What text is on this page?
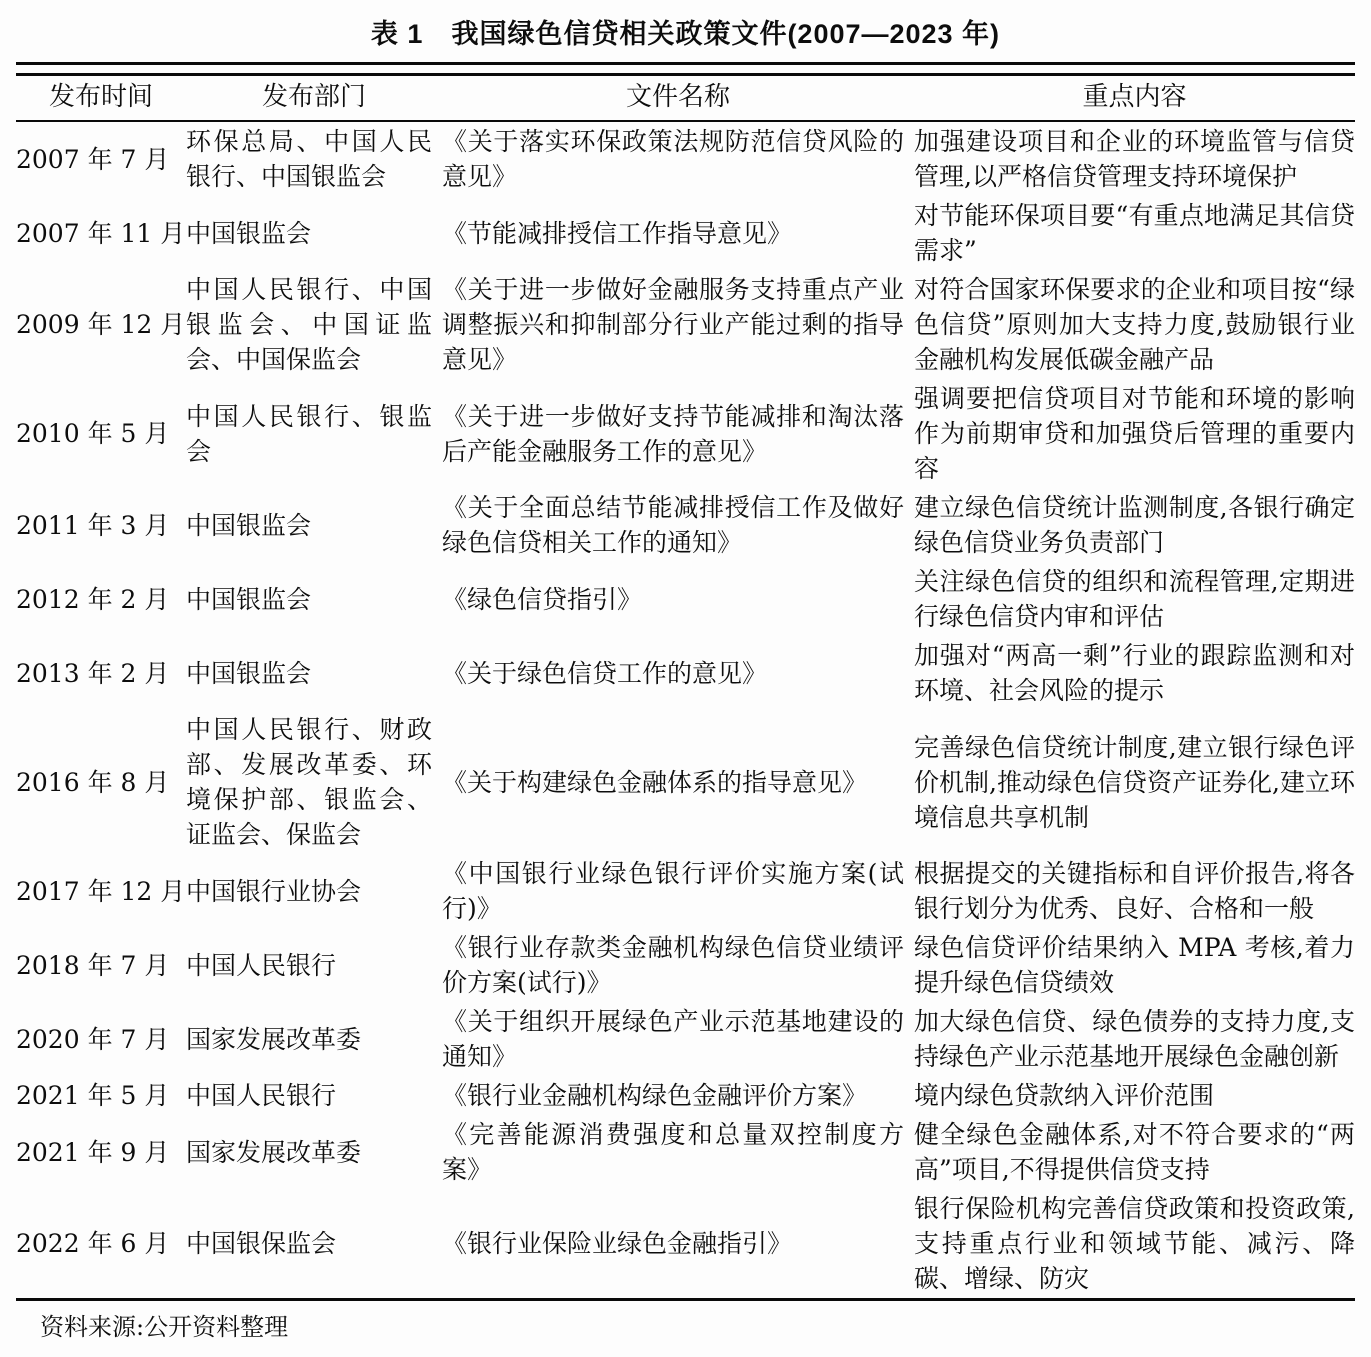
表 1　我国绿色信贷相关政策文件(2007—2023 年)
发布时间	发布部门	文件名称	重点内容
2007 年 7 月	环保总局、中国人民银行、中国银监会	《关于落实环保政策法规防范信贷风险的意见》	加强建设项目和企业的环境监管与信贷管理,以严格信贷管理支持环境保护
2007 年 11 月	中国银监会	《节能减排授信工作指导意见》	对节能环保项目要“有重点地满足其信贷需求”
2009 年 12 月	中国人民银行、中国银监会、中国证监会、中国保监会	《关于进一步做好金融服务支持重点产业调整振兴和抑制部分行业产能过剩的指导意见》	对符合国家环保要求的企业和项目按“绿色信贷”原则加大支持力度,鼓励银行业金融机构发展低碳金融产品
2010 年 5 月	中国人民银行、银监会	《关于进一步做好支持节能减排和淘汰落后产能金融服务工作的意见》	强调要把信贷项目对节能和环境的影响作为前期审贷和加强贷后管理的重要内容
2011 年 3 月	中国银监会	《关于全面总结节能减排授信工作及做好绿色信贷相关工作的通知》	建立绿色信贷统计监测制度,各银行确定绿色信贷业务负责部门
2012 年 2 月	中国银监会	《绿色信贷指引》	关注绿色信贷的组织和流程管理,定期进行绿色信贷内审和评估
2013 年 2 月	中国银监会	《关于绿色信贷工作的意见》	加强对“两高一剩”行业的跟踪监测和对环境、社会风险的提示
2016 年 8 月	中国人民银行、财政部、发展改革委、环境保护部、银监会、证监会、保监会	《关于构建绿色金融体系的指导意见》	完善绿色信贷统计制度,建立银行绿色评价机制,推动绿色信贷资产证券化,建立环境信息共享机制
2017 年 12 月	中国银行业协会	《中国银行业绿色银行评价实施方案(试行)》	根据提交的关键指标和自评价报告,将各银行划分为优秀、良好、合格和一般
2018 年 7 月	中国人民银行	《银行业存款类金融机构绿色信贷业绩评价方案(试行)》	绿色信贷评价结果纳入 MPA 考核,着力提升绿色信贷绩效
2020 年 7 月	国家发展改革委	《关于组织开展绿色产业示范基地建设的通知》	加大绿色信贷、绿色债券的支持力度,支持绿色产业示范基地开展绿色金融创新
2021 年 5 月	中国人民银行	《银行业金融机构绿色金融评价方案》	境内绿色贷款纳入评价范围
2021 年 9 月	国家发展改革委	《完善能源消费强度和总量双控制度方案》	健全绿色金融体系,对不符合要求的“两高”项目,不得提供信贷支持
2022 年 6 月	中国银保监会	《银行业保险业绿色金融指引》	银行保险机构完善信贷政策和投资政策,支持重点行业和领域节能、减污、降碳、增绿、防灾
资料来源:公开资料整理
